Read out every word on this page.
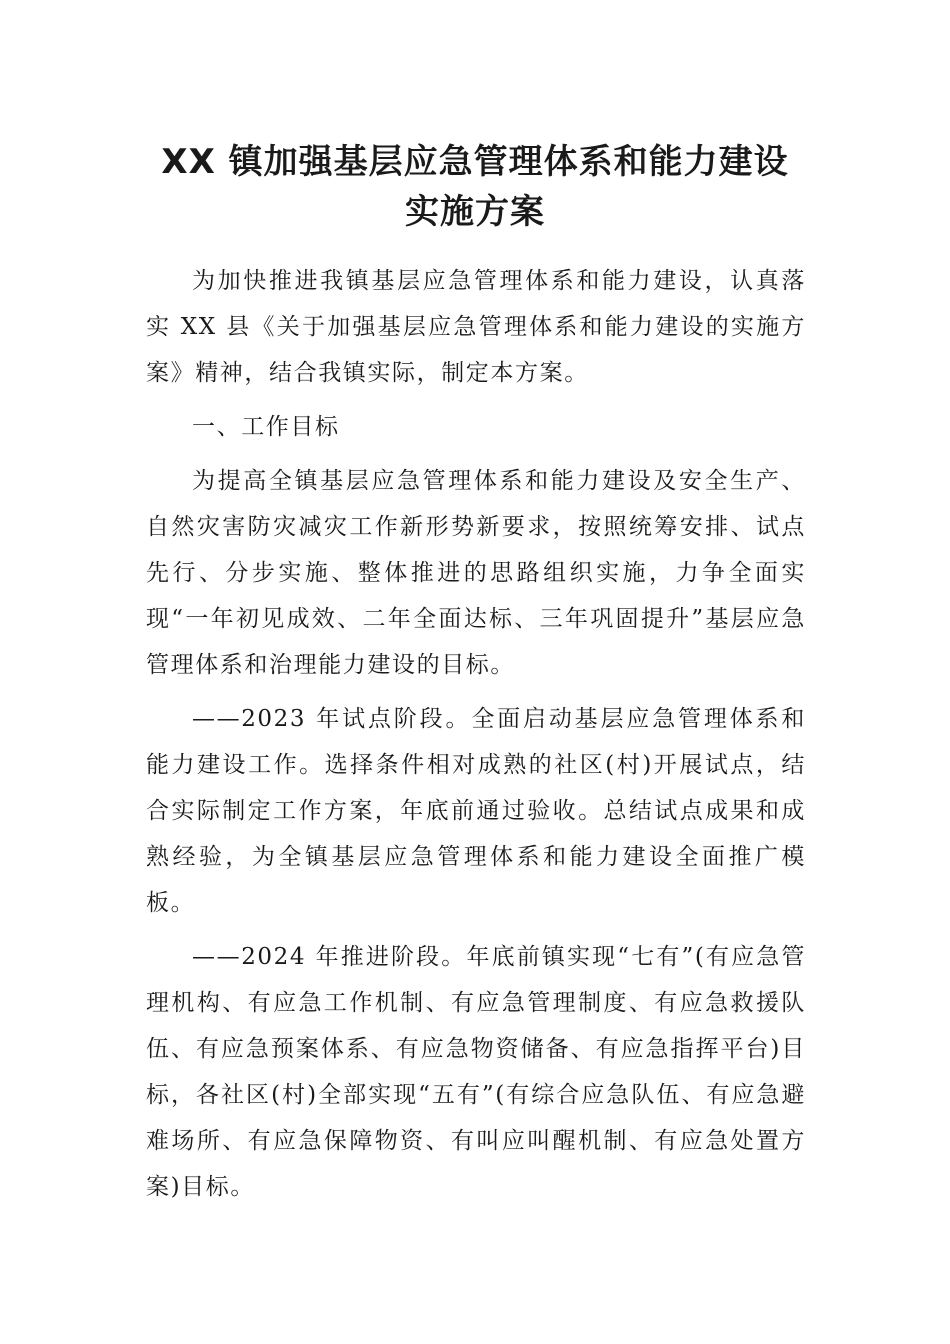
XX 镇加强基层应急管理体系和能力建设
实施方案

为加快推进我镇基层应急管理体系和能力建设，认真落实 XX 县《关于加强基层应急管理体系和能力建设的实施方案》精神，结合我镇实际，制定本方案。

一、工作目标

为提高全镇基层应急管理体系和能力建设及安全生产、自然灾害防灾减灾工作新形势新要求，按照统筹安排、试点先行、分步实施、整体推进的思路组织实施，力争全面实现“一年初见成效、二年全面达标、三年巩固提升”基层应急管理体系和治理能力建设的目标。

——2023 年试点阶段。全面启动基层应急管理体系和能力建设工作。选择条件相对成熟的社区(村)开展试点，结合实际制定工作方案，年底前通过验收。总结试点成果和成熟经验，为全镇基层应急管理体系和能力建设全面推广模板。

——2024 年推进阶段。年底前镇实现“七有”(有应急管理机构、有应急工作机制、有应急管理制度、有应急救援队伍、有应急预案体系、有应急物资储备、有应急指挥平台)目标，各社区(村)全部实现“五有”(有综合应急队伍、有应急避难场所、有应急保障物资、有叫应叫醒机制、有应急处置方案)目标。
